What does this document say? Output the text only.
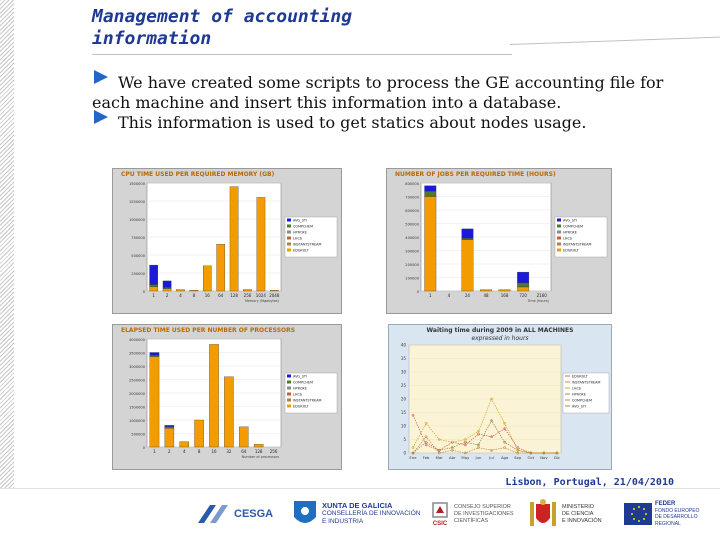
Management of accounting
information
We have created some scripts to process the GE accounting file for
each machine and insert this information into a database.
This information is used to get statics about nodes usage.
CPU TIME USED PER REQUIRED MEMORY (GB)
0
250000
500000
750000
1000000
1250000
1500000
1	2	4	8 16 64 128 256 1024 2048
Memory (Mgabytes)
AVG_STI
COMPCHEM
HPROXE
LHCb
INSTANTSTREAM
EDGRULT
NUMBER OF JOBS PER REQUIRED TIME (HOURS)
0
100000
200000
300000
400000
500000
600000
700000
800000
1	4	24	48	168	720 2160
Time (hours)
AVG_STI
COMPCHEM
HPROXE
LHCb
INSTANTSTREAM
EDGRULT
ELAPSED TIME USED PER NUMBER OF PROCESSORS
0
500000
1000000
1500000
2000000
2500000
3000000
3500000
4000000
1	2	4	8	16 32 64 128 256
Number of processors
AVG_STI
COMPCHEM
HPROXE
LHCb
INSTANTSTREAM
EDGRULT
Waiting time during 2009 in ALL MACHINES
expressed in hours
0
5
10
15
20
25
30
35
40
Ene Feb Mar Abr May Jun Jul Ago Sep Oct Nov Dic
EDGRULT
INSTANTSTREAM
LHCb
HPROXE
COMPCHEM
AVG_STI
Lisbon, Portugal, 21/04/2010
CESGA
XUNTA DE GALICIA
CONSELLERÍA DE INNOVACIÓN
E INDUSTRIA	CSIC
CONSEJO SUPERIOR
DE INVESTIGACIONES
CIENTÍFICAS
MINISTERIO
DE CIENCIA
E INNOVACIÓN
FEDER
FONDO EUROPEO
DE DESARROLLO REGIONAL
